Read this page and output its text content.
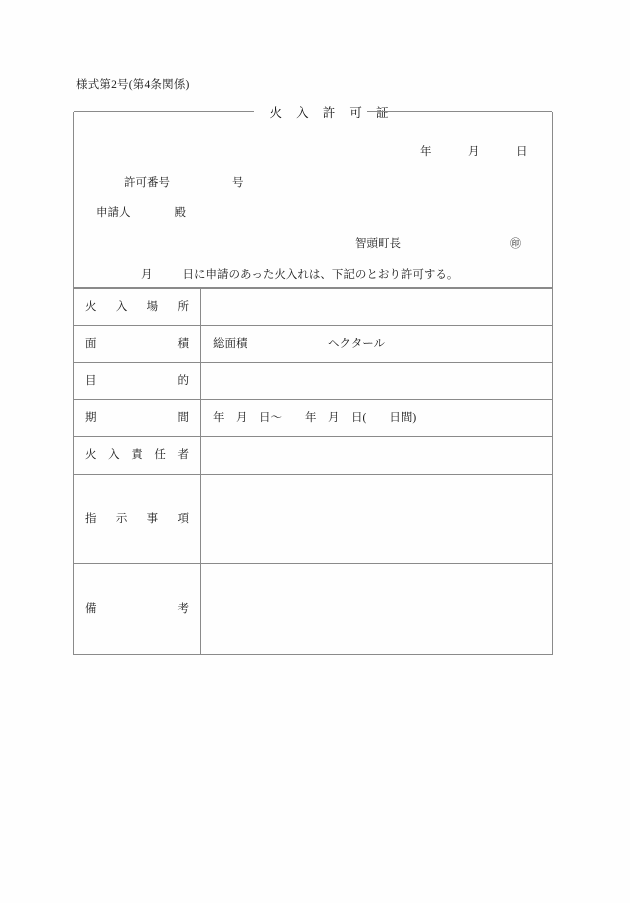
様式第2号(第4条関係)
火 入 許 可 証
年　　　月　　　日
許可番号	号
申請人	殿
智頭町長	㊞
月	日に申請のあった火入れは、下記のとおり許可する。
火入場所	

面積	総面積　　　　　　　ヘクタール

目的	

期間	年　月　日〜　　年　月　日(　　日間)

火入責任者	

指示事項	

備考	
